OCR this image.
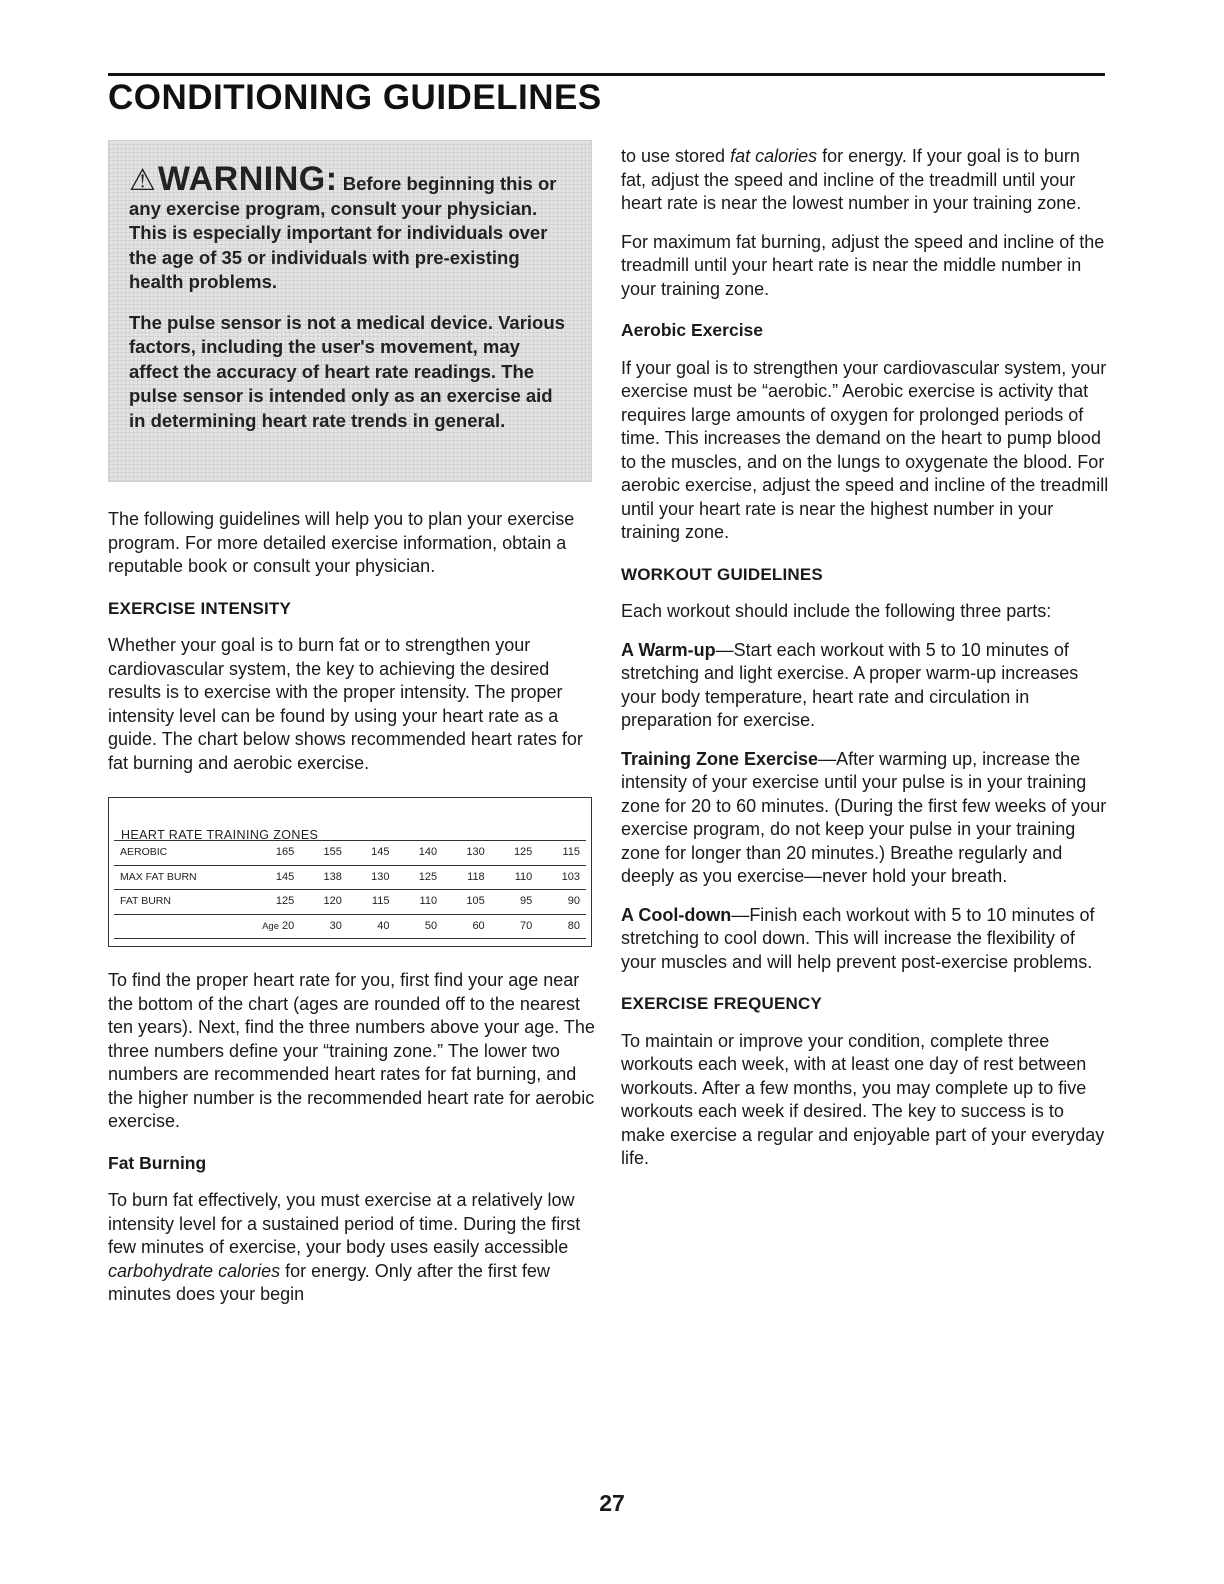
CONDITIONING GUIDELINES

⚠WARNING: Before beginning this or any exercise program, consult your physician. This is especially important for individuals over the age of 35 or individuals with pre-existing health problems.

The pulse sensor is not a medical device. Various factors, including the user's movement, may affect the accuracy of heart rate readings. The pulse sensor is intended only as an exercise aid in determining heart rate trends in general.

The following guidelines will help you to plan your exercise program. For more detailed exercise information, obtain a reputable book or consult your physician.

EXERCISE INTENSITY

Whether your goal is to burn fat or to strengthen your cardiovascular system, the key to achieving the desired results is to exercise with the proper intensity. The proper intensity level can be found by using your heart rate as a guide. The chart below shows recommended heart rates for fat burning and aerobic exercise.

HEART RATE TRAINING ZONES
AEROBIC	165	155	145	140	130	125	115
MAX FAT BURN	145	138	130	125	118	110	103
FAT BURN	125	120	115	110	105	95	90
	Age 20	30	40	50	60	70	80

To find the proper heart rate for you, first find your age near the bottom of the chart (ages are rounded off to the nearest ten years). Next, find the three numbers above your age. The three numbers define your “training zone.” The lower two numbers are recommended heart rates for fat burning, and the higher number is the recommended heart rate for aerobic exercise.

Fat Burning

To burn fat effectively, you must exercise at a relatively low intensity level for a sustained period of time. During the first few minutes of exercise, your body uses easily accessible carbohydrate calories for energy. Only after the first few minutes does your begin

to use stored fat calories for energy. If your goal is to burn fat, adjust the speed and incline of the treadmill until your heart rate is near the lowest number in your training zone.

For maximum fat burning, adjust the speed and incline of the treadmill until your heart rate is near the middle number in your training zone.

Aerobic Exercise

If your goal is to strengthen your cardiovascular system, your exercise must be “aerobic.” Aerobic exercise is activity that requires large amounts of oxygen for prolonged periods of time. This increases the demand on the heart to pump blood to the muscles, and on the lungs to oxygenate the blood. For aerobic exercise, adjust the speed and incline of the treadmill until your heart rate is near the highest number in your training zone.

WORKOUT GUIDELINES

Each workout should include the following three parts:

A Warm-up—Start each workout with 5 to 10 minutes of stretching and light exercise. A proper warm-up increases your body temperature, heart rate and circulation in preparation for exercise.

Training Zone Exercise—After warming up, increase the intensity of your exercise until your pulse is in your training zone for 20 to 60 minutes. (During the first few weeks of your exercise program, do not keep your pulse in your training zone for longer than 20 minutes.) Breathe regularly and deeply as you exercise—never hold your breath.

A Cool-down—Finish each workout with 5 to 10 minutes of stretching to cool down. This will increase the flexibility of your muscles and will help prevent post-exercise problems.

EXERCISE FREQUENCY

To maintain or improve your condition, complete three workouts each week, with at least one day of rest between workouts. After a few months, you may complete up to five workouts each week if desired. The key to success is to make exercise a regular and enjoyable part of your everyday life.

27
